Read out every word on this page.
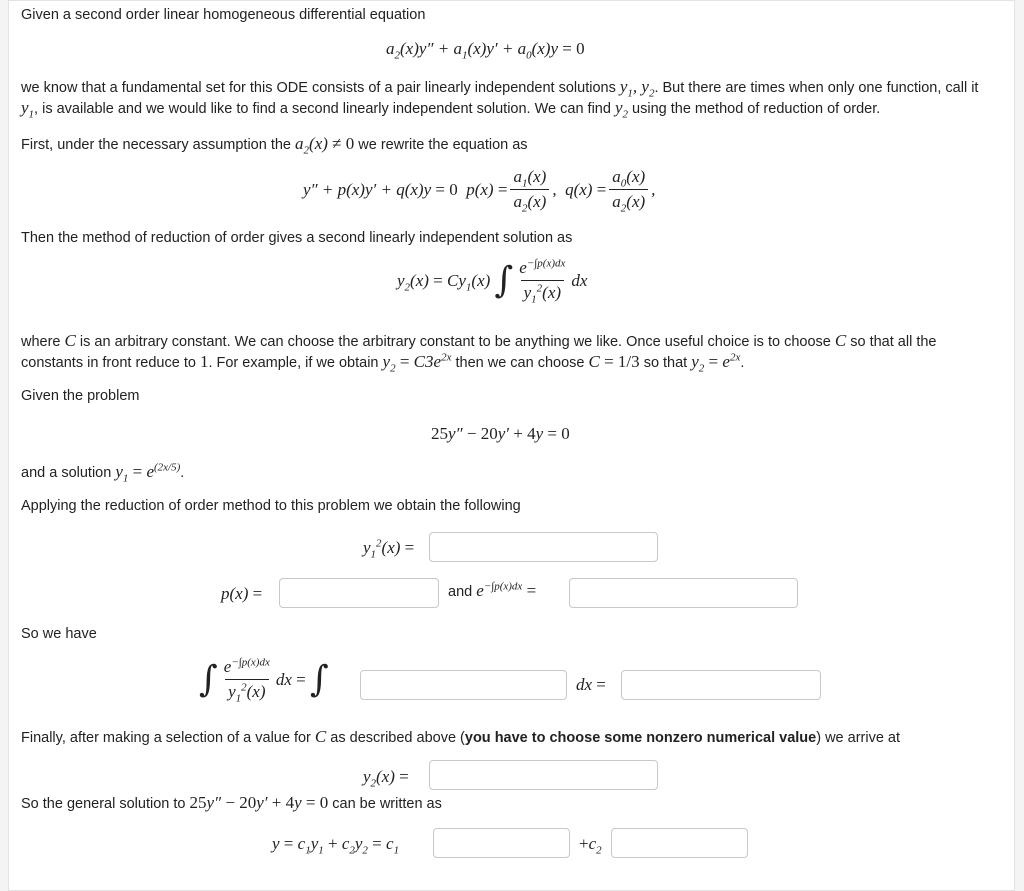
Given a second order linear homogeneous differential equation
$a_2(x)y'' + a_1(x)y' + a_0(x)y = 0$
we know that a fundamental set for this ODE consists of a pair linearly independent solutions $y_1$, $y_2$. But there are times when only one function, call it
$y_1$, is available and we would like to find a second linearly independent solution. We can find $y_2$ using the method of reduction of order.
First, under the necessary assumption the $a_2(x) \ne 0$ we rewrite the equation as
y″ + p(x)y′ + q(x)y = 0  $p(x) = \frac{a_1(x)}{a_2(x)}$ ,  $q(x) = \frac{a_0(x)}{a_2(x)}$ ,
Then the method of reduction of order gives a second linearly independent solution as
$y_2(x) = Cy_1(x)$ ∫ $\frac{e^{-\int p(x)dx}}{y_1^2(x)}$ dx
where C is an arbitrary constant. We can choose the arbitrary constant to be anything we like. Once useful choice is to choose C so that all the
constants in front reduce to 1. For example, if we obtain $y_2 = C3e^{2x}$ then we can choose C = 1/3 so that $y_2 = e^{2x}$.
Given the problem
25y″ − 20y′ + 4y = 0
and a solution $y_1 = e^{(2x/5)}$.
Applying the reduction of order method to this problem we obtain the following
$y_1^2(x)$ =
p(x) =	and $e^{-\int p(x)dx}$ =
So we have
∫ $\frac{e^{-\int p(x)dx}}{y_1^2(x)}$ dx = ∫	dx =
Finally, after making a selection of a value for C as described above (you have to choose some nonzero numerical value) we arrive at
$y_2(x)$ =
So the general solution to 25y″ − 20y′ + 4y = 0 can be written as
$y = c_1y_1 + c_2y_2 = c_1$	$+c_2$
